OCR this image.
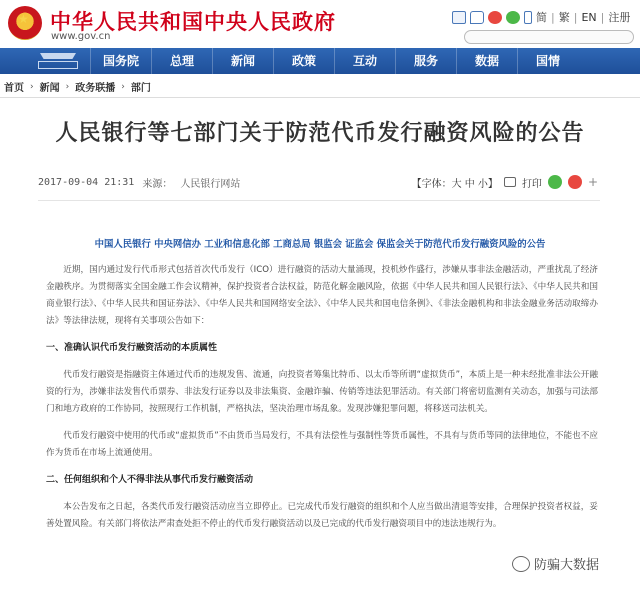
★ 中华人民共和国中央人民政府
www.gov.cn
简 | 繁 | EN | 注册
国务院	总理	新闻	政策	互动	服务	数据	国情
首页 › 新闻 › 政务联播 › 部门
人民银行等七部门关于防范代币发行融资风险的公告
2017-09-04 21:31 来源： 人民银行网站	【字体：大 中 小】 打印	+
中国人民银行 中央网信办 工业和信息化部 工商总局 银监会 证监会 保监会关于防范代币发行融资风险的公告

近期，国内通过发行代币形式包括首次代币发行（ICO）进行融资的活动大量涌现，投机炒作盛行，涉嫌从事非法金融活动，严重扰乱了经济金融秩序。为贯彻落实全国金融工作会议精神，保护投资者合法权益，防范化解金融风险，依据《中华人民共和国人民银行法》、《中华人民共和国商业银行法》、《中华人民共和国证券法》、《中华人民共和国网络安全法》、《中华人民共和国电信条例》、《非法金融机构和非法金融业务活动取缔办法》等法律法规，现将有关事项公告如下：

一、准确认识代币发行融资活动的本质属性

代币发行融资是指融资主体通过代币的违规发售、流通，向投资者筹集比特币、以太币等所谓“虚拟货币”，本质上是一种未经批准非法公开融资的行为，涉嫌非法发售代币票券、非法发行证券以及非法集资、金融诈骗、传销等违法犯罪活动。有关部门将密切监测有关动态，加强与司法部门和地方政府的工作协同，按照现行工作机制，严格执法，坚决治理市场乱象。发现涉嫌犯罪问题，将移送司法机关。

代币发行融资中使用的代币或“虚拟货币”不由货币当局发行，不具有法偿性与强制性等货币属性，不具有与货币等同的法律地位，不能也不应作为货币在市场上流通使用。

二、任何组织和个人不得非法从事代币发行融资活动

本公告发布之日起，各类代币发行融资活动应当立即停止。已完成代币发行融资的组织和个人应当做出清退等安排，合理保护投资者权益，妥善处置风险。有关部门将依法严肃查处拒不停止的代币发行融资活动以及已完成的代币发行融资项目中的违法违规行为。

防骗大数据
